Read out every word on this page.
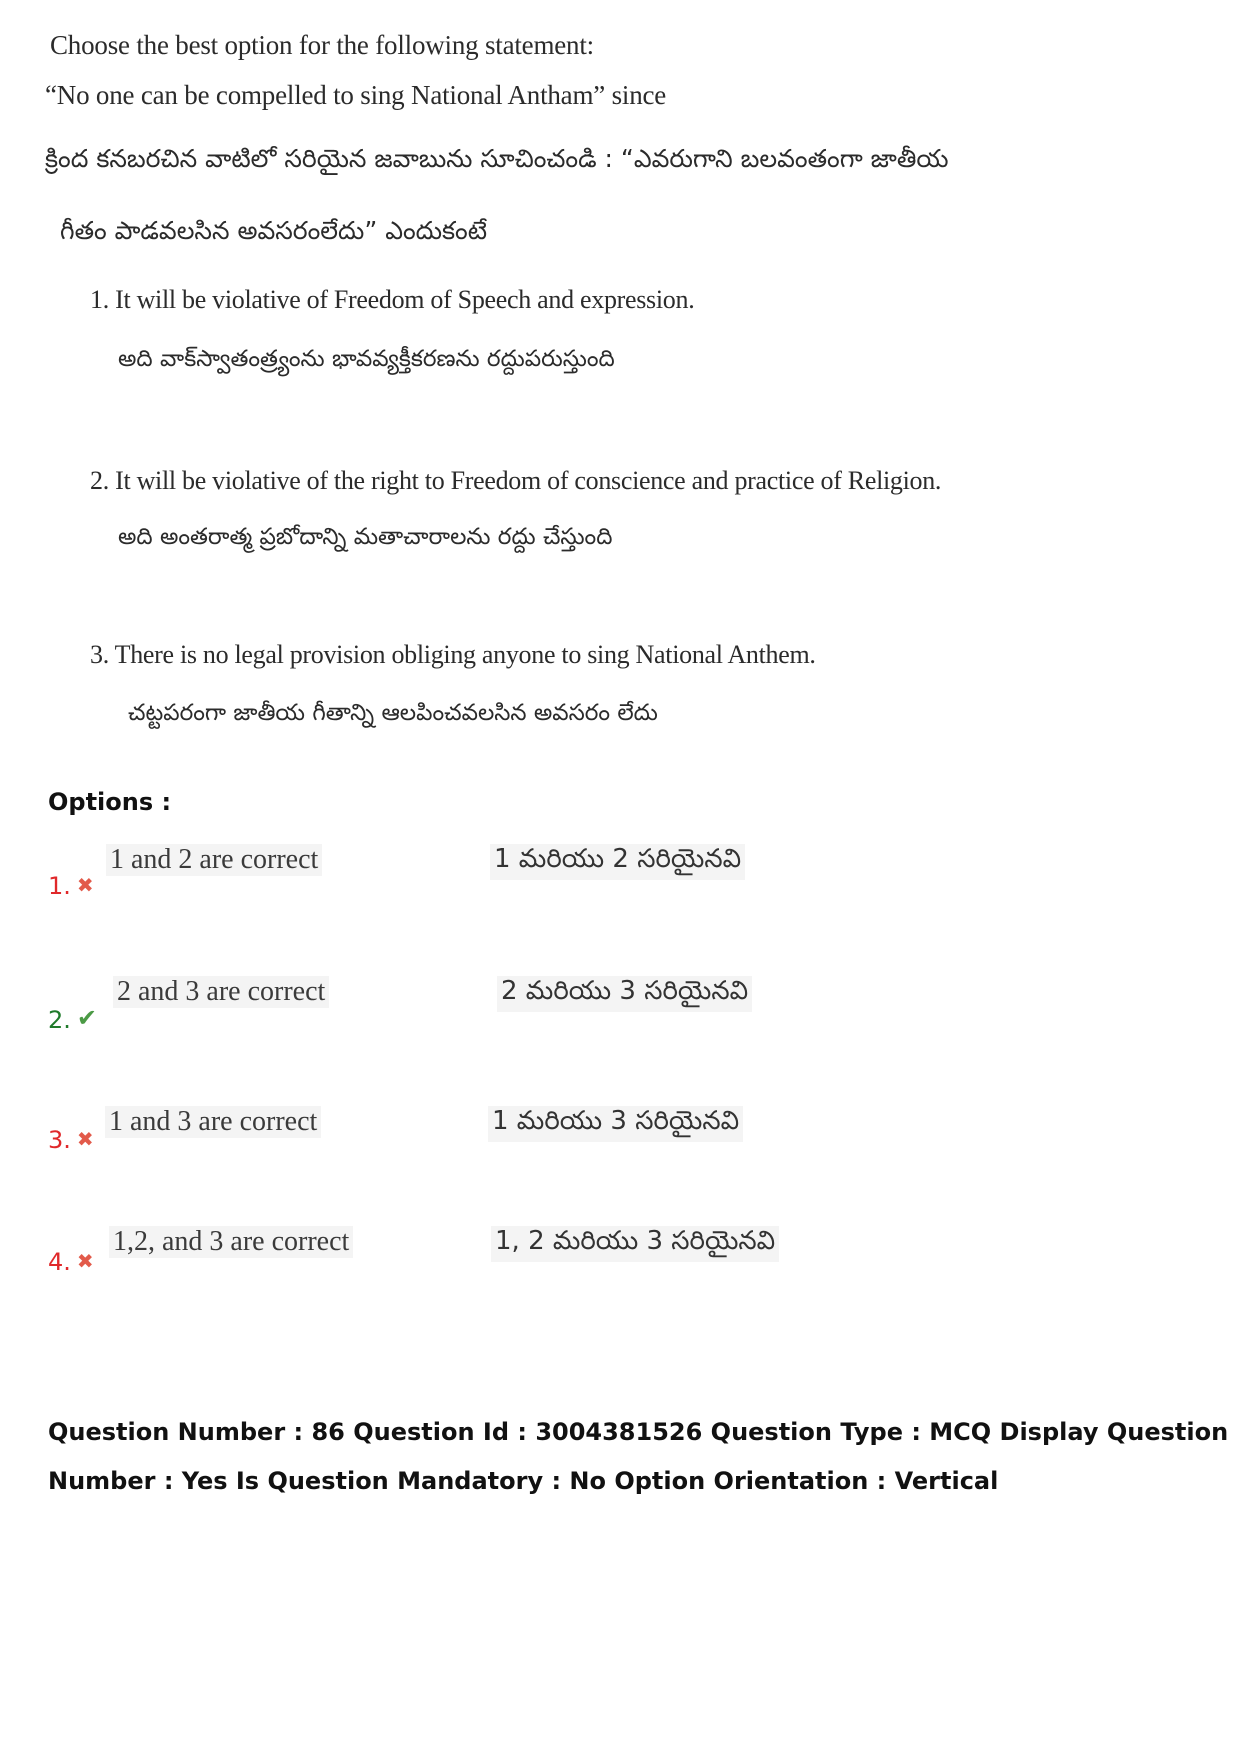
Choose the best option for the following statement:
“No one can be compelled to sing National Antham” since
క్రింద కనబరచిన వాటిలో సరియైన జవాబును సూచించండి : “ఎవరుగాని బలవంతంగా జాతీయ
గీతం పాడవలసిన అవసరంలేదు” ఎందుకంటే
1. It will be violative of Freedom of Speech and expression.
అది వాక్‌స్వాతంత్ర్యంను భావవ్యక్తీకరణను రద్దుపరుస్తుంది
2. It will be violative of the right to Freedom of conscience and practice of Religion.
అది అంతరాత్మ ప్రబోదాన్ని మతాచారాలను రద్దు చేస్తుంది
3. There is no legal provision obliging anyone to sing National Anthem.
చట్టపరంగా జాతీయ గీతాన్ని ఆలపించవలసిన అవసరం లేదు
Options :
1. ✖
1 and 2 are correct	1 మరియు 2 సరియైనవి
2. ✔
2 and 3 are correct	2 మరియు 3 సరియైనవి
3. ✖
1 and 3 are correct	1 మరియు 3 సరియైనవి
4. ✖
1,2, and 3 are correct	1, 2 మరియు 3 సరియైనవి
Question Number : 86 Question Id : 3004381526 Question Type : MCQ Display Question
Number : Yes Is Question Mandatory : No Option Orientation : Vertical
